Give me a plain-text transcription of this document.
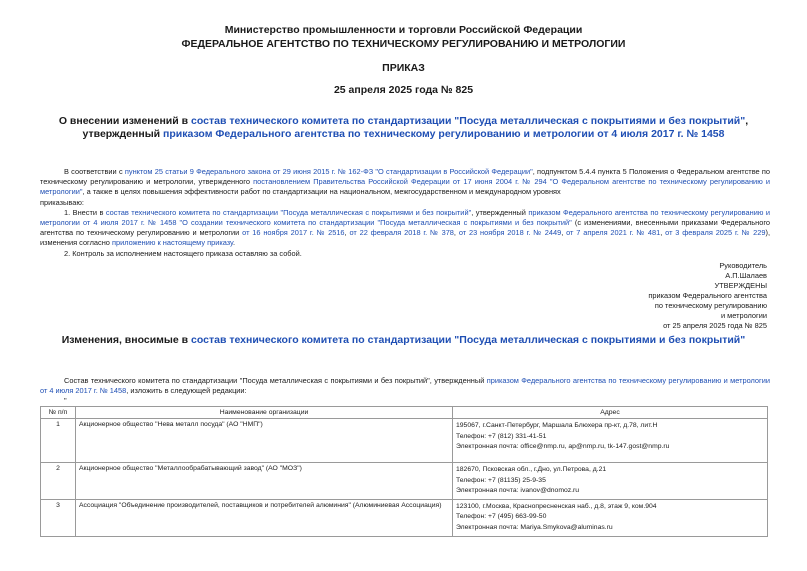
Министерство промышленности и торговли Российской Федерации
ФЕДЕРАЛЬНОЕ АГЕНТСТВО ПО ТЕХНИЧЕСКОМУ РЕГУЛИРОВАНИЮ И МЕТРОЛОГИИ
ПРИКАЗ
25 апреля 2025 года № 825
О внесении изменений в состав технического комитета по стандартизации "Посуда металлическая с покрытиями и без покрытий", утвержденный приказом Федерального агентства по техническому регулированию и метрологии от 4 июля 2017 г. № 1458

В соответствии с пунктом 25 статьи 9 Федерального закона от 29 июня 2015 г. № 162-ФЗ "О стандартизации в Российской Федерации", подпунктом 5.4.4 пункта 5 Положения о Федеральном агентстве по техническому регулированию и метрологии, утвержденного постановлением Правительства Российской Федерации от 17 июня 2004 г. № 294 "О Федеральном агентстве по техническому регулированию и метрологии", а также в целях повышения эффективности работ по стандартизации на национальном, межгосударственном и международном уровнях

приказываю:

1. Внести в состав технического комитета по стандартизации "Посуда металлическая с покрытиями и без покрытий", утвержденный приказом Федерального агентства по техническому регулированию и метрологии от 4 июля 2017 г. № 1458 "О создании технического комитета по стандартизации "Посуда металлическая с покрытиями и без покрытий" (с изменениями, внесенными приказами Федерального агентства по техническому регулированию и метрологии от 16 ноября 2017 г. № 2516, от 22 февраля 2018 г. № 378, от 23 ноября 2018 г. № 2449, от 7 апреля 2021 г. № 481, от 3 февраля 2025 г. № 229), изменения согласно приложению к настоящему приказу.

2. Контроль за исполнением настоящего приказа оставляю за собой.

Руководитель
А.П.Шалаев
УТВЕРЖДЕНЫ
приказом Федерального агентства
по техническому регулированию
и метрологии
от 25 апреля 2025 года № 825
Изменения, вносимые в состав технического комитета по стандартизации "Посуда металлическая с покрытиями и без покрытий"

Состав технического комитета по стандартизации "Посуда металлическая с покрытиями и без покрытий", утвержденный приказом Федерального агентства по техническому регулированию и метрологии от 4 июля 2017 г. № 1458, изложить в следующей редакции:

"

№ п/п	Наименование организации	Адрес
1	Акционерное общество "Нева металл посуда" (АО "НМП")	195067, г.Санкт-Петербург, Маршала Блюхера пр-кт, д.78, лит.Н
Телефон: +7 (812) 331-41-51
Электронная почта: office@nmp.ru, ap@nmp.ru, tk-147.gost@nmp.ru

2	Акционерное общество "Металлообрабатывающий завод" (АО "МОЗ")	182670, Псковская обл., г.Дно, ул.Петрова, д.21
Телефон: +7 (81135) 25-9-35
Электронная почта: ivanov@dnomoz.ru

3	Ассоциация "Объединение производителей, поставщиков и потребителей алюминия" (Алюминиевая Ассоциация)	123100, г.Москва, Краснопресненская наб., д.8, этаж 9, ком.904
Телефон: +7 (495) 663-99-50
Электронная почта: Mariya.Smykova@aluminas.ru
